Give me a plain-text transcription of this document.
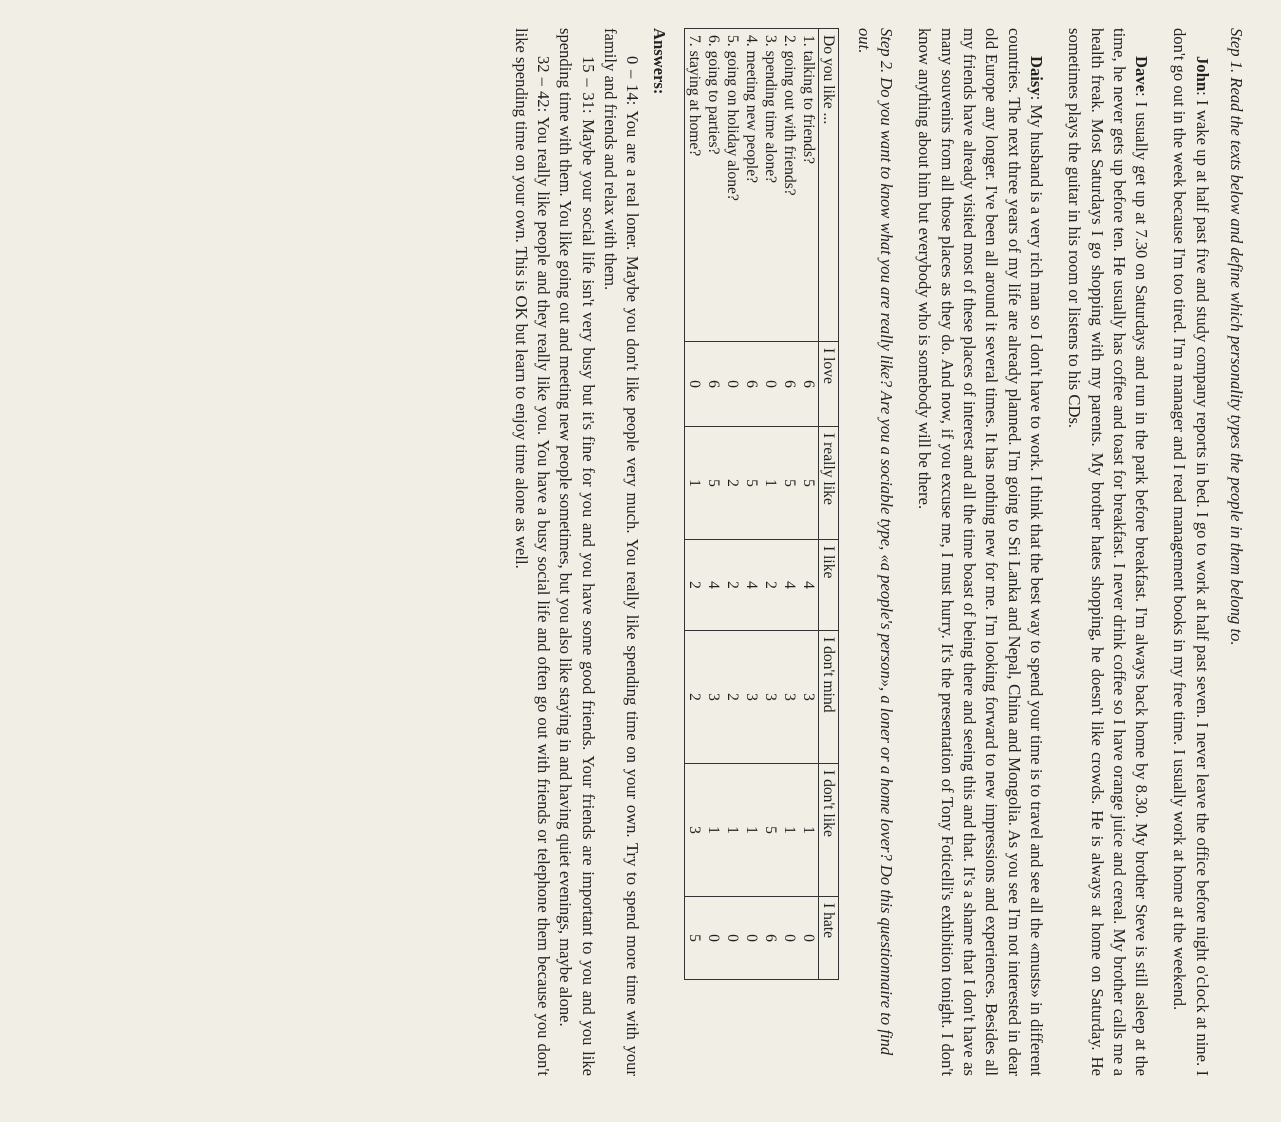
Step 1. Read the texts below and define which personality types the people in them belong to.

John: I wake up at half past five and study company reports in bed. I go to work at half past seven. I never leave the office before night o'clock at nine. I don't go out in the week because I'm too tired. I'm a manager and I read management books in my free time. I usually work at home at the weekend.

Dave: I usually get up at 7.30 on Saturdays and run in the park before breakfast. I'm always back home by 8.30. My brother Steve is still asleep at the time, he never gets up before ten. He usually has coffee and toast for breakfast. I never drink coffee so I have orange juice and cereal. My brother calls me a health freak. Most Saturdays I go shopping with my parents. My brother hates shopping, he doesn't like crowds. He is always at home on Saturday. He sometimes plays the guitar in his room or listens to his CDs.

Daisy: My husband is a very rich man so I don't have to work. I think that the best way to spend your time is to travel and see all the «musts» in different countries. The next three years of my life are already planned. I'm going to Sri Lanka and Nepal, China and Mongolia. As you see I'm not interested in dear old Europe any longer. I've been all around it several times. It has nothing new for me. I'm looking forward to new impressions and experiences. Besides all my friends have already visited most of these places of interest and all the time boast of being there and seeing this and that. It's a shame that I don't have as many souvenirs from all those places as they do. And now, if you excuse me, I must hurry. It's the presentation of Tony Foticelli's exhibition tonight. I don't know anything about him but everybody who is somebody will be there.

Step 2. Do you want to know what you are really like? Are you a sociable type, «a people's person», a loner or a home lover? Do this questionnaire to find out.
Do you like ...	I love	I really like	I like	I don't mind	I don't like	I hate
1. talking to friends?	6	5	4	3	1	0
2. going out with friends?	6	5	4	3	1	0
3. spending time alone?	0	1	2	3	5	6
4. meeting new people?	6	5	4	3	1	0
5. going on holiday alone?	0	2	2	2	1	0
6. going to parties?	6	5	4	3	1	0
7. staying at home?	0	1	2	2	3	5
Answers:

0 – 14: You are a real loner. Maybe you don't like people very much. You really like spending time on your own. Try to spend more time with your family and friends and relax with them.

15 – 31: Maybe your social life isn't very busy but it's fine for you and you have some good friends. Your friends are important to you and you like spending time with them. You like going out and meeting new people sometimes, but you also like staying in and having quiet evenings, maybe alone.

32 – 42: You really like people and they really like you. You have a busy social life and often go out with friends or telephone them because you don't like spending time on your own. This is OK but learn to enjoy time alone as well.
